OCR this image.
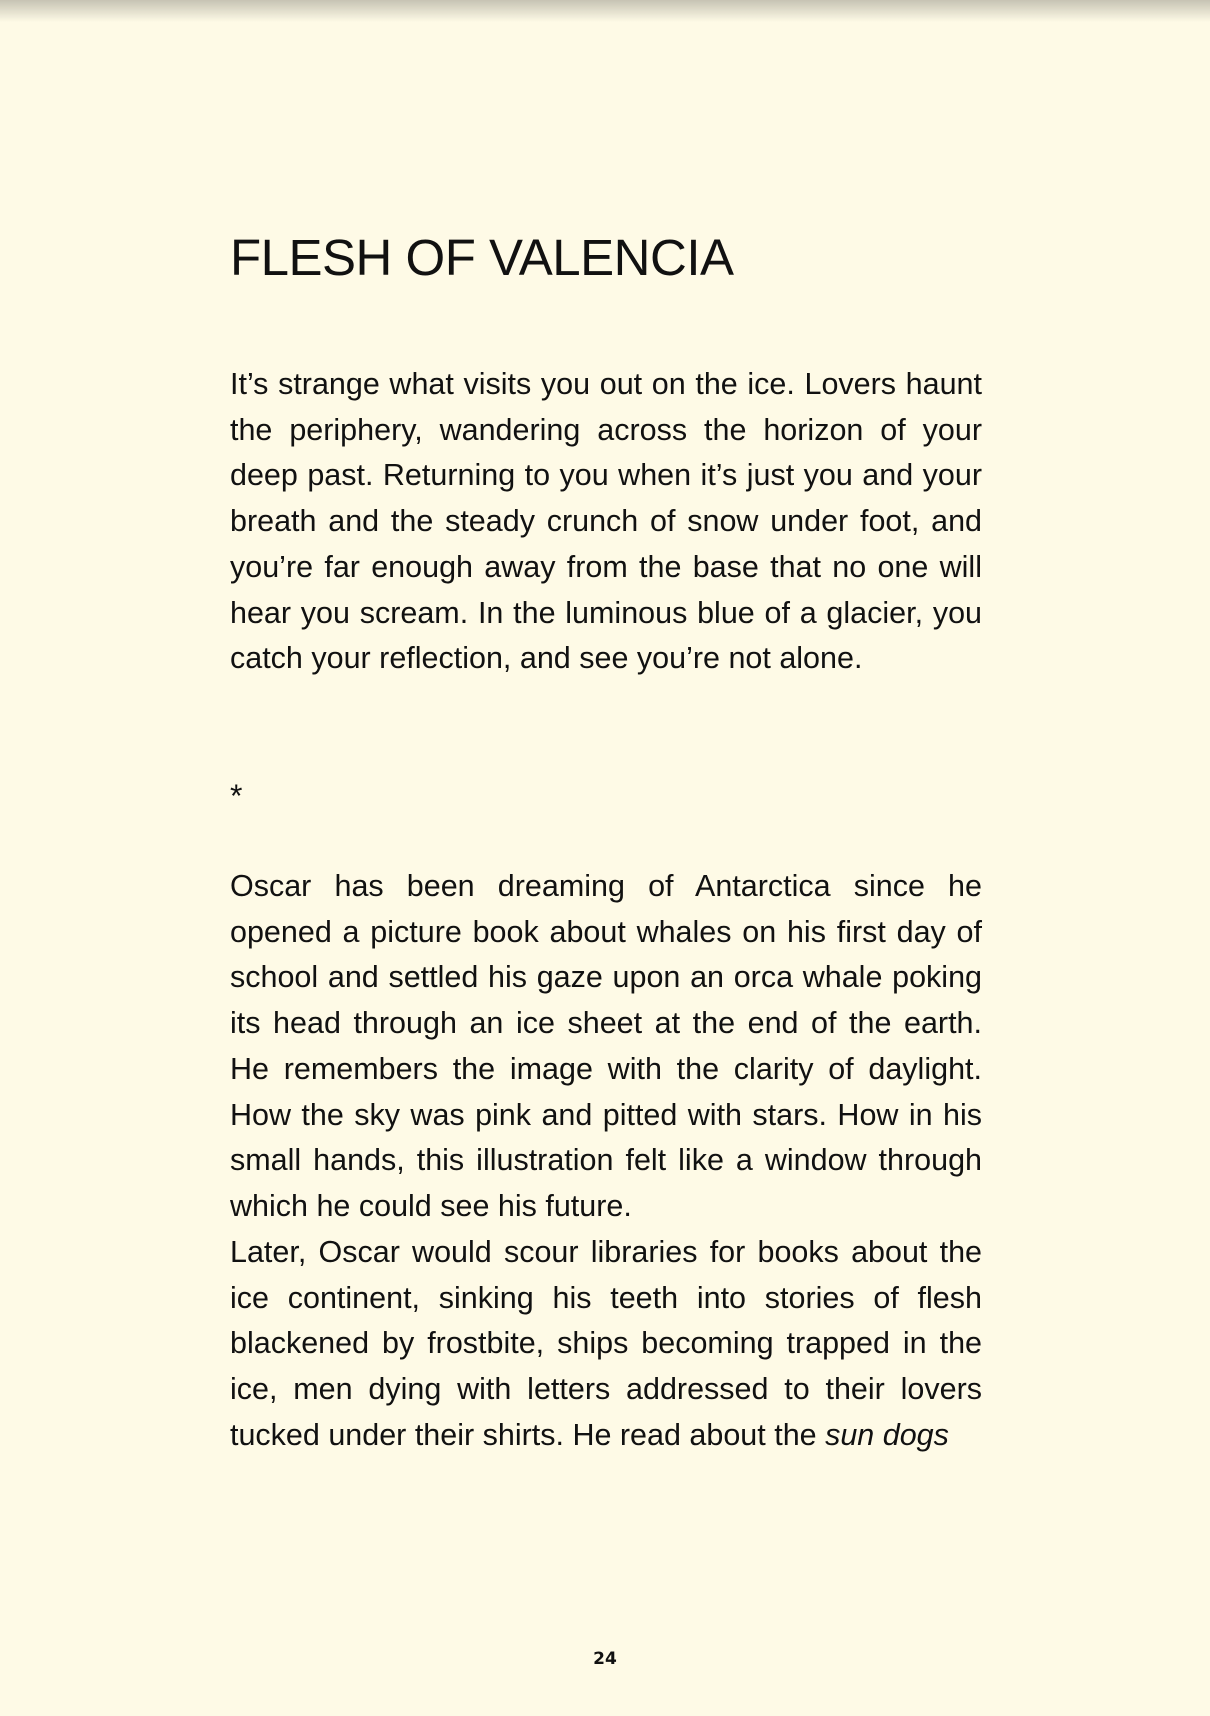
FLESH OF VALENCIA

It’s strange what visits you out on the ice. Lovers haunt the periphery, wandering across the horizon of your deep past. Returning to you when it’s just you and your breath and the steady crunch of snow under foot, and you’re far enough away from the base that no one will hear you scream. In the luminous blue of a glacier, you catch your reflection, and see you’re not alone.

*

Oscar has been dreaming of Antarctica since he opened a picture book about whales on his first day of school and settled his gaze upon an orca whale poking its head through an ice sheet at the end of the earth. He remembers the image with the clarity of daylight. How the sky was pink and pitted with stars. How in his small hands, this illustration felt like a window through which he could see his future.

Later, Oscar would scour libraries for books about the ice continent, sinking his teeth into stories of flesh blackened by frostbite, ships becoming trapped in the ice, men dying with letters addressed to their lovers tucked under their shirts. He read about the sun dogs

24
